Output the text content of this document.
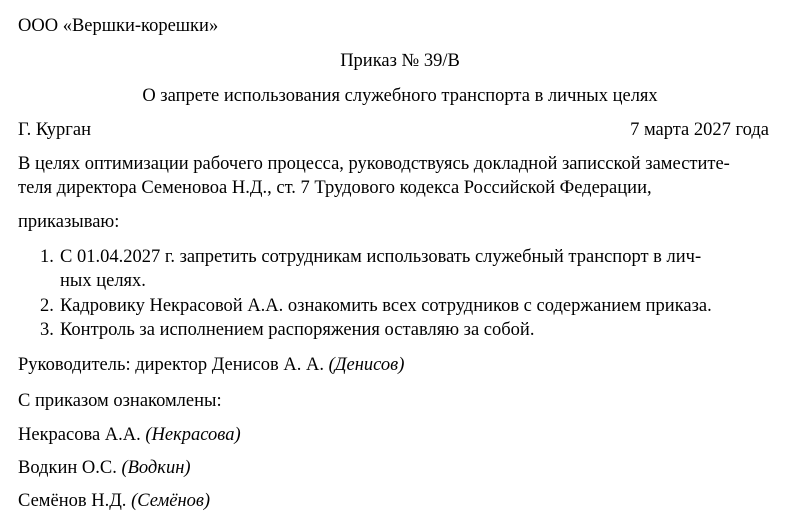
ООО «Вершки-корешки»
Приказ № 39/В
О запрете использования служебного транспорта в личных целях
Г. Курган	7 марта 2027 года
В целях оптимизации рабочего процесса, руководствуясь докладной записской заместите-
теля директора Семеновоа Н.Д., ст. 7 Трудового кодекса Российской Федерации,
приказываю:
1. С 01.04.2027 г. запретить сотрудникам использовать служебный транспорт в лич-
ных целях.
2. Кадровику Некрасовой А.А. ознакомить всех сотрудников с содержанием приказа.
3. Контроль за исполнением распоряжения оставляю за собой.
Руководитель: директор Денисов А. А. (Денисов)
С приказом ознакомлены:
Некрасова А.А. (Некрасова)
Водкин О.С. (Водкин)
Семёнов Н.Д. (Семёнов)
